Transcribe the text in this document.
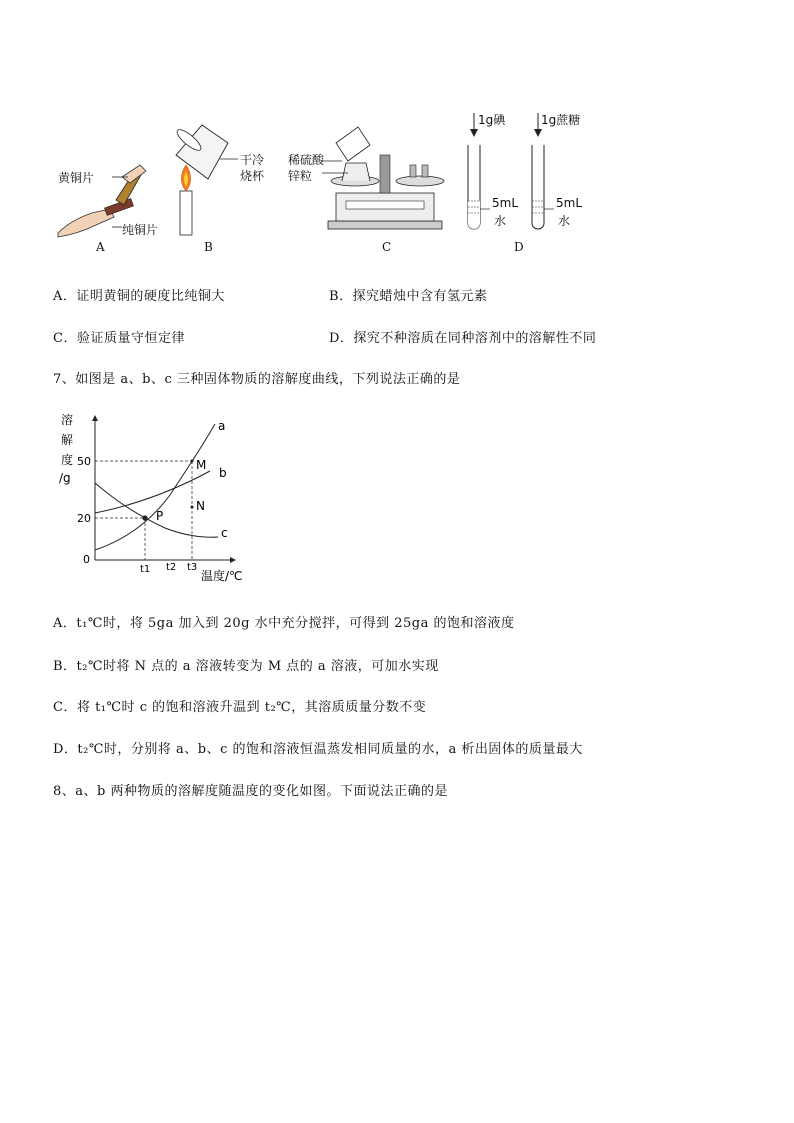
黄铜片
纯铜片
A
干冷
烧杯
B
稀硫酸
锌粒
C
1g碘	1g蔗糖
5mL
水
5mL
水
D
A．证明黄铜的硬度比纯铜大	B．探究蜡烛中含有氢元素
C．验证质量守恒定律	D．探究不种溶质在同种溶剂中的溶解性不同
7、如图是 a、b、c 三种固体物质的溶解度曲线，下列说法正确的是
溶
解
度
/g
50
20
0
t1 t2 t3
温度/℃
a
b
c
P
M
N
A．t₁℃时，将 5ga 加入到 20g 水中充分搅拌，可得到 25ga 的饱和溶液度
B．t₂℃时将 N 点的 a 溶液转变为 M 点的 a 溶液，可加水实现
C．将 t₁℃时 c 的饱和溶液升温到 t₂℃，其溶质质量分数不变
D．t₂℃时，分别将 a、b、c 的饱和溶液恒温蒸发相同质量的水，a 析出固体的质量最大
8、a、b 两种物质的溶解度随温度的变化如图。下面说法正确的是
